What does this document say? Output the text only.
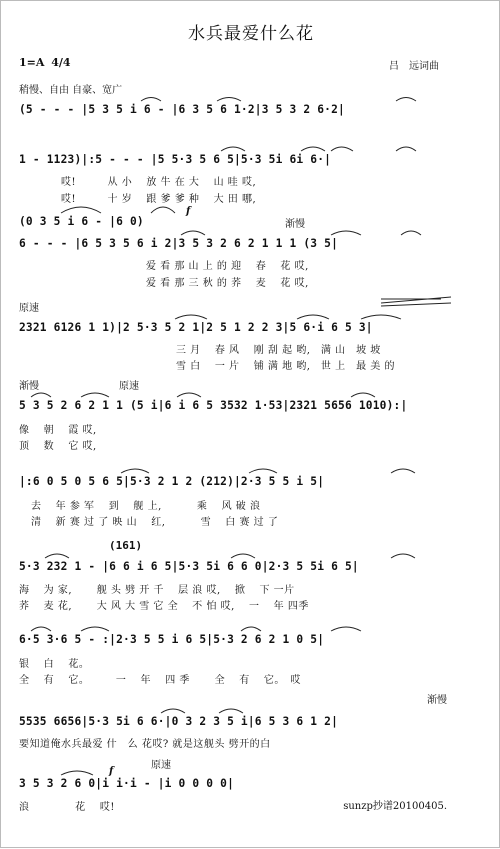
水兵最爱什么花
吕　远词曲
1=A 4/4
稍慢、自由 自豪、宽广
(5 - - - |5 3 5 i 6 - |6 3 5 6 1·2|3 5 3 2 6·2|
1 - 1123)|:5 - - - |5 5·3 5 6 5|5·3 5i 6i 6·|
哎!　　　从 小　 放 牛 在 大　 山 哇 哎,
哎!　　　十 岁　 跟 爹 爹 种　 大 田 哪,
(0 3 5 i 6 - |6 0)	渐慢
f
6 - - - |6 5 3 5 6 i 2|3 5 3 2 6 2 1 1 1 (3 5|
爱 看 那 山 上 的 迎　 春　 花 哎,
爱 看 那 三 秋 的 荞　 麦　 花 哎,
原速
2321 6126 1 1)|2 5·3 5 2 1|2 5 1 2 2 3|5 6·i 6 5 3|
三 月　 春 风　 刚 刮 起 哟,　满 山　坡 坡
雪 白　 一 片　 铺 满 地 哟,　世 上　最 美 的
渐慢	原速
5 3 5 2 6 2 1 1 (5 i|6 i 6 5 3532 1·53|2321 5656 1010):|
像　 朝　 霞 哎,
顶　 数　 它 哎,
|:6 0 5 0 5 6 5|5·3 2 1 2 (212)|2·3 5 5 i 5|
去　 年 参 军　 到　 舰 上,　　　 乘　 风 破 浪
清　 新 赛 过 了 映 山　 红,　　　 雪　 白 赛 过 了
(161)
5·3 232 1 - |6 6 i 6 5|5·3 5i 6 6 0|2·3 5 5i 6 5|
海　 为 家,　　 舰 头 劈 开 千　 层 浪 哎,　 掀　 下 一片
荞　 麦 花,　　 大 风 大 雪 它 全　 不 怕 哎,　 一　 年 四季
6·5 3·6 5 - :|2·3 5 5 i 6 5|5·3 2 6 2 1 0 5|
银　 白　 花。
全　 有　 它。　　　一　 年　 四 季　　 全　 有　 它。　哎
渐慢
5535 6656|5·3 5i 6 6·|0 3 2 3 5 i|6 5 3 6 1 2|
要知道俺水兵最爱 什　么 花哎? 就是这舰头 劈开的白
原速
f
3 5 3 2 6 0|i i·i - |i 0 0 0 0|
浪　　　　 花　 哎!	sunzp抄谱20100405.
